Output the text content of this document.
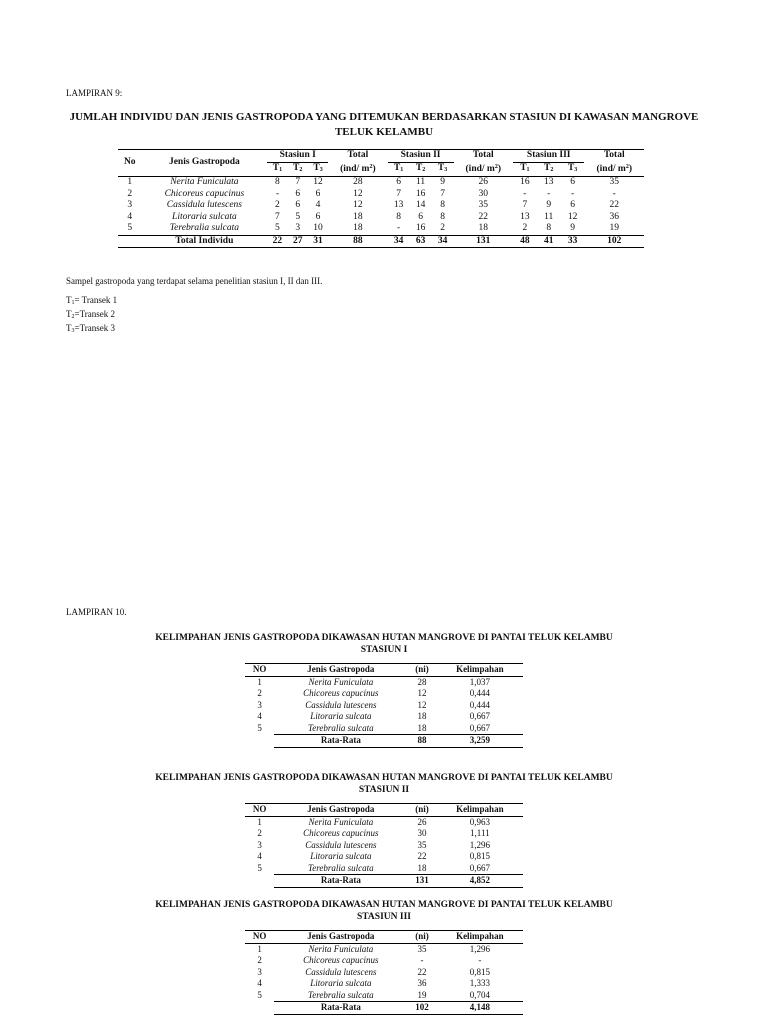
LAMPIRAN 9:
JUMLAH INDIVIDU DAN JENIS GASTROPODA YANG DITEMUKAN BERDASARKAN STASIUN DI KAWASAN MANGROVE
TELUK KELAMBU
No	Jenis Gastropoda	Stasiun I			Total	Stasiun II			Total	Stasiun III			Total
		$T_1$	$T_2$	$T_3$	(ind/ $m^2$)	$T_1$	$T_2$	$T_3$	(ind/ $m^2$)	$T_1$	$T_2$	$T_3$	(ind/ $m^2$)
1	Nerita Funiculata	8	7	12	28	6	11	9	26	16	13	6	35
2	Chicoreus capucinus	-	6	6	12	7	16	7	30	-	-	-	-
3	Cassidula lutescens	2	6	4	12	13	14	8	35	7	9	6	22
4	Litoraria sulcata	7	5	6	18	8	6	8	22	13	11	12	36
5	Terebralia sulcata	5	3	10	18	-	16	2	18	2	8	9	19
	Total Individu	22	27	31	88	34	63	34	131	48	41	33	102
Sampel gastropoda yang terdapat selama penelitian stasiun I, II dan III.
$T_1=$ Transek 1
$T_2=Transek$ 2
$T_3=Transek$ 3
LAMPIRAN 10.
KELIMPAHAN JENIS GASTROPODA DIKAWASAN HUTAN MANGROVE DI PANTAI TELUK KELAMBU
STASIUN I
NO	Jenis Gastropoda	(ni)	Kelimpahan
1	Nerita Funiculata	28	1,037
2	Chicoreus capucinus	12	0,444
3	Cassidula lutescens	12	0,444
4	Litoraria sulcata	18	0,667
5	Terebralia sulcata	18	0,667
	Rata-Rata	88	3,259
KELIMPAHAN JENIS GASTROPODA DIKAWASAN HUTAN MANGROVE DI PANTAI TELUK KELAMBU
STASIUN II
NO	Jenis Gastropoda	(ni)	Kelimpahan
1	Nerita Funiculata	26	0,963
2	Chicoreus capucinus	30	1,111
3	Cassidula lutescens	35	1,296
4	Litoraria sulcata	22	0,815
5	Terebralia sulcata	18	0,667
	Rata-Rata	131	4,852
KELIMPAHAN JENIS GASTROPODA DIKAWASAN HUTAN MANGROVE DI PANTAI TELUK KELAMBU
STASIUN III
NO	Jenis Gastropoda	(ni)	Kelimpahan
1	Nerita Funiculata	35	1,296
2	Chicoreus capucinus	-	-
3	Cassidula lutescens	22	0,815
4	Litoraria sulcata	36	1,333
5	Terebralia sulcata	19	0,704
	Rata-Rata	102	4,148
